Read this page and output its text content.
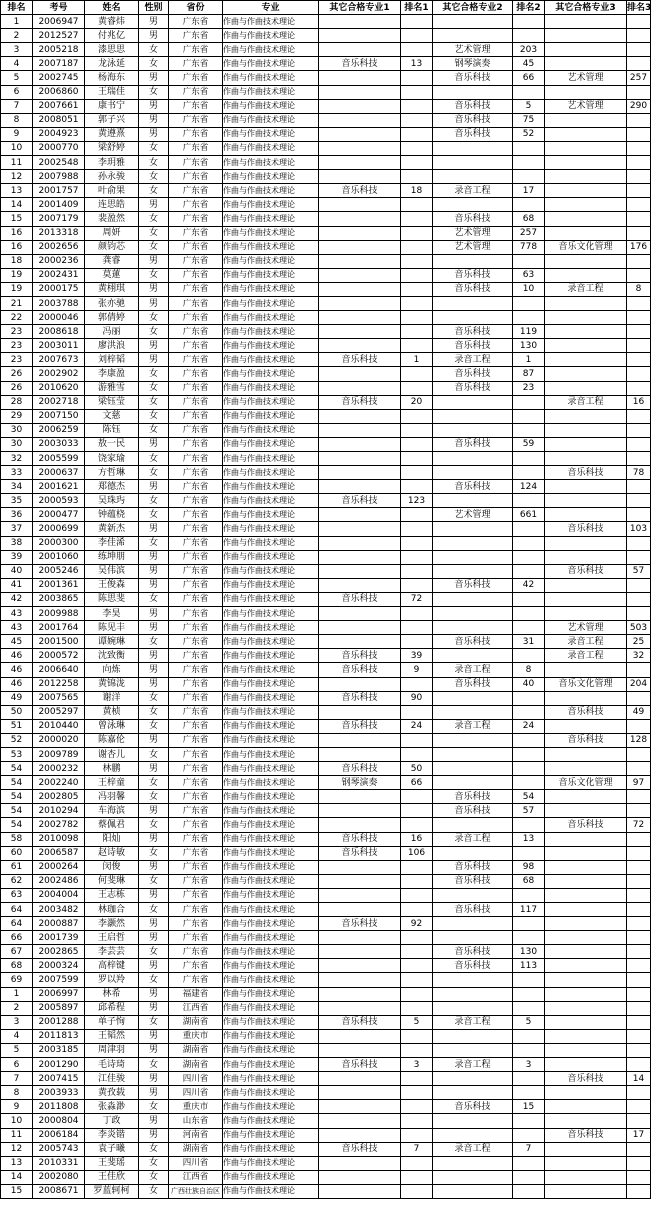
排名	考号	姓名	性别	省份	专业	其它合格专业1	排名1	其它合格专业2	排名2	其它合格专业3	排名3
1	2006947	黄睿炜	男	广东省	作曲与作曲技术理论						
2	2012527	付兆亿	男	广东省	作曲与作曲技术理论						
3	2005218	漆思思	女	广东省	作曲与作曲技术理论			艺术管理	203		
4	2007187	龙泳延	女	广东省	作曲与作曲技术理论	音乐科技	13	钢琴演奏	45		
5	2002745	杨海东	男	广东省	作曲与作曲技术理论			音乐科技	66	艺术管理	257
6	2006860	王瑞佳	女	广东省	作曲与作曲技术理论						
7	2007661	康书宁	男	广东省	作曲与作曲技术理论			音乐科技	5	艺术管理	290
8	2008051	郭子兴	男	广东省	作曲与作曲技术理论			音乐科技	75		
9	2004923	黄遵熹	男	广东省	作曲与作曲技术理论			音乐科技	52		
10	2000770	梁舒婷	女	广东省	作曲与作曲技术理论						
11	2002548	李玥雅	女	广东省	作曲与作曲技术理论						
12	2007988	孙永骏	女	广东省	作曲与作曲技术理论						
13	2001757	叶俞果	女	广东省	作曲与作曲技术理论	音乐科技	18	录音工程	17		
14	2001409	连思皓	男	广东省	作曲与作曲技术理论						
15	2007179	裴盈然	女	广东省	作曲与作曲技术理论			音乐科技	68		
16	2013318	周妍	女	广东省	作曲与作曲技术理论			艺术管理	257		
16	2002656	颜钧芯	女	广东省	作曲与作曲技术理论			艺术管理	778	音乐文化管理	176
18	2000236	龚睿	男	广东省	作曲与作曲技术理论						
19	2002431	莫蓮	女	广东省	作曲与作曲技术理论			音乐科技	63		
19	2000175	黄栩琪	男	广东省	作曲与作曲技术理论			音乐科技	10	录音工程	8
21	2003788	张亦驰	男	广东省	作曲与作曲技术理论						
22	2000046	郭倩婷	女	广东省	作曲与作曲技术理论						
23	2008618	冯丽	女	广东省	作曲与作曲技术理论			音乐科技	119		
23	2003011	廖洪浪	男	广东省	作曲与作曲技术理论			音乐科技	130		
23	2007673	刘梓韬	男	广东省	作曲与作曲技术理论	音乐科技	1	录音工程	1		
26	2002902	李康盈	女	广东省	作曲与作曲技术理论			音乐科技	87		
26	2010620	游雅雪	女	广东省	作曲与作曲技术理论			音乐科技	23		
28	2002718	梁钰莹	女	广东省	作曲与作曲技术理论	音乐科技	20			录音工程	16
29	2007150	文慈	女	广东省	作曲与作曲技术理论						
30	2006259	陈钰	女	广东省	作曲与作曲技术理论						
30	2003033	敖一民	男	广东省	作曲与作曲技术理论			音乐科技	59		
32	2005599	饶家瑜	女	广东省	作曲与作曲技术理论						
33	2000637	方哲琳	女	广东省	作曲与作曲技术理论					音乐科技	78
34	2001621	郑德杰	男	广东省	作曲与作曲技术理论			音乐科技	124		
35	2000593	吴珠玙	女	广东省	作曲与作曲技术理论	音乐科技	123				
36	2000477	钟蕴桡	女	广东省	作曲与作曲技术理论			艺术管理	661		
37	2000699	黄新杰	男	广东省	作曲与作曲技术理论					音乐科技	103
38	2000300	李佳浠	女	广东省	作曲与作曲技术理论						
39	2001060	练坤朋	男	广东省	作曲与作曲技术理论						
40	2005246	吴伟滨	男	广东省	作曲与作曲技术理论					音乐科技	57
41	2001361	王俊森	男	广东省	作曲与作曲技术理论			音乐科技	42		
42	2003865	陈思斐	女	广东省	作曲与作曲技术理论	音乐科技	72				
43	2009988	李昊	男	广东省	作曲与作曲技术理论						
43	2001764	陈见丰	男	广东省	作曲与作曲技术理论					艺术管理	503
45	2001500	谭婉琳	女	广东省	作曲与作曲技术理论			音乐科技	31	录音工程	25
46	2000572	沈致衡	男	广东省	作曲与作曲技术理论	音乐科技	39			录音工程	32
46	2006640	向炼	男	广东省	作曲与作曲技术理论	音乐科技	9	录音工程	8		
46	2012258	黄锦泷	男	广东省	作曲与作曲技术理论			音乐科技	40	音乐文化管理	204
49	2007565	谢洋	女	广东省	作曲与作曲技术理论	音乐科技	90				
50	2005297	黄桢	女	广东省	作曲与作曲技术理论					音乐科技	49
51	2010440	曾泳琳	女	广东省	作曲与作曲技术理论	音乐科技	24	录音工程	24		
52	2000020	陈嘉伦	男	广东省	作曲与作曲技术理论					音乐科技	128
53	2009789	谢杏儿	女	广东省	作曲与作曲技术理论						
54	2000232	林鹏	男	广东省	作曲与作曲技术理论	音乐科技	50				
54	2002240	王梓童	女	广东省	作曲与作曲技术理论	钢琴演奏	66			音乐文化管理	97
54	2002805	冯羽馨	女	广东省	作曲与作曲技术理论			音乐科技	54		
54	2010294	车海滨	男	广东省	作曲与作曲技术理论			音乐科技	57		
54	2002782	蔡佩君	女	广东省	作曲与作曲技术理论					音乐科技	72
58	2010098	阳灿	男	广东省	作曲与作曲技术理论	音乐科技	16	录音工程	13		
60	2006587	赵诗敏	女	广东省	作曲与作曲技术理论	音乐科技	106				
61	2000264	闵俊	男	广东省	作曲与作曲技术理论			音乐科技	98		
62	2002486	何斐琳	女	广东省	作曲与作曲技术理论			音乐科技	68		
63	2004004	王志栋	男	广东省	作曲与作曲技术理论						
64	2003482	林珈合	女	广东省	作曲与作曲技术理论			音乐科技	117		
64	2000887	李灏然	男	广东省	作曲与作曲技术理论	音乐科技	92				
66	2001739	王启哲	男	广东省	作曲与作曲技术理论						
67	2002865	李芸芸	女	广东省	作曲与作曲技术理论			音乐科技	130		
68	2000324	高梓键	男	广东省	作曲与作曲技术理论			音乐科技	113		
69	2007599	罗以羚	女	广东省	作曲与作曲技术理论						
1	2006997	林希	男	福建省	作曲与作曲技术理论						
2	2005897	邱希程	男	江西省	作曲与作曲技术理论						
3	2001288	单子恂	女	湖南省	作曲与作曲技术理论	音乐科技	5	录音工程	5		
4	2011813	王韬然	男	重庆市	作曲与作曲技术理论						
5	2003185	周津羽	男	湖南省	作曲与作曲技术理论						
6	2001290	毛诗琦	女	湖南省	作曲与作曲技术理论	音乐科技	3	录音工程	3		
7	2007415	江佳骏	男	四川省	作曲与作曲技术理论					音乐科技	14
8	2003933	黄孜载	男	四川省	作曲与作曲技术理论						
9	2011808	张淼渺	女	重庆市	作曲与作曲技术理论			音乐科技	15		
10	2000804	丁政	男	山东省	作曲与作曲技术理论						
11	2006184	李炎锴	男	河南省	作曲与作曲技术理论					音乐科技	17
12	2005743	袁子曦	女	湖南省	作曲与作曲技术理论	音乐科技	7	录音工程	7		
13	2010331	王斐瑶	女	四川省	作曲与作曲技术理论						
14	2002080	王佳欣	女	江西省	作曲与作曲技术理论						
15	2008671	罗蓝轲柯	女	广西壮族自治区	作曲与作曲技术理论						
